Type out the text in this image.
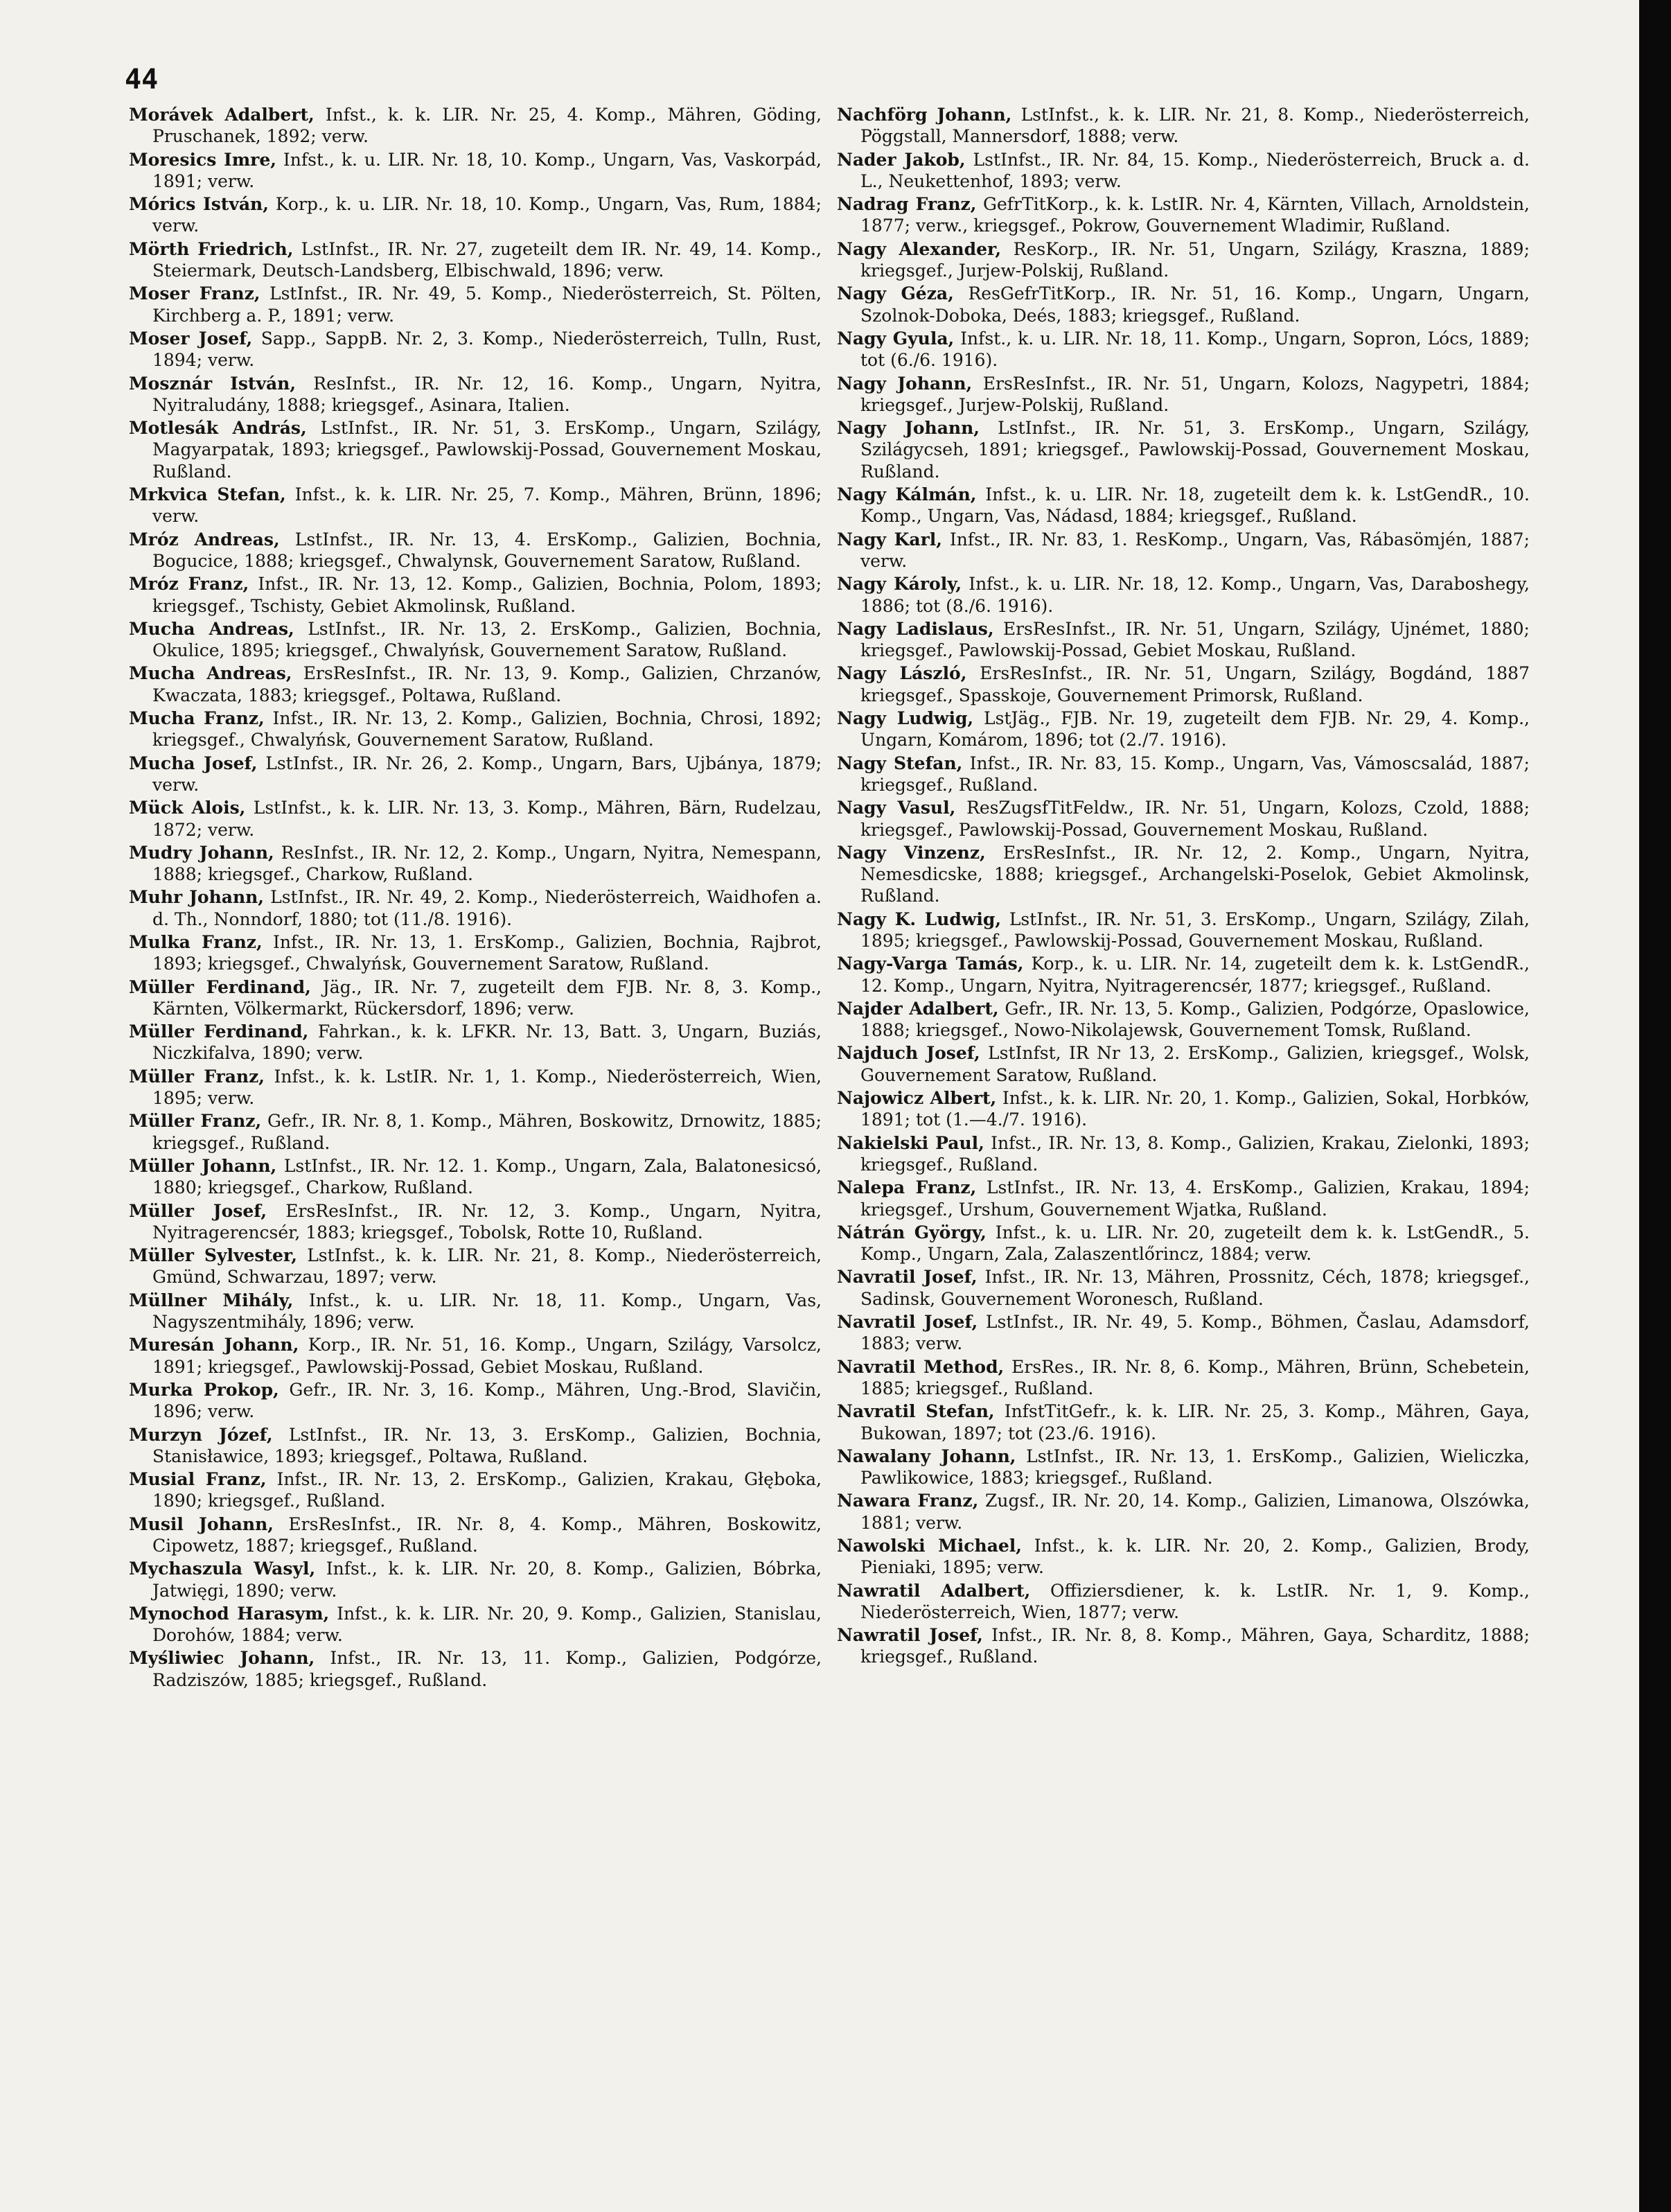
44

Morávek Adalbert, Infst., k. k. LIR. Nr. 25, 4. Komp., Mähren, Göding, Pruschanek, 1892; verw.

Moresics Imre, Infst., k. u. LIR. Nr. 18, 10. Komp., Ungarn, Vas, Vaskorpád, 1891; verw.

Mórics István, Korp., k. u. LIR. Nr. 18, 10. Komp., Ungarn, Vas, Rum, 1884; verw.

Mörth Friedrich, LstInfst., IR. Nr. 27, zugeteilt dem IR. Nr. 49, 14. Komp., Steiermark, Deutsch-Landsberg, Elbischwald, 1896; verw.

Moser Franz, LstInfst., IR. Nr. 49, 5. Komp., Niederösterreich, St. Pölten, Kirchberg a. P., 1891; verw.

Moser Josef, Sapp., SappB. Nr. 2, 3. Komp., Niederösterreich, Tulln, Rust, 1894; verw.

Mosznár István, ResInfst., IR. Nr. 12, 16. Komp., Ungarn, Nyitra, Nyitraludány, 1888; kriegsgef., Asinara, Italien.

Motlesák András, LstInfst., IR. Nr. 51, 3. ErsKomp., Ungarn, Szilágy, Magyarpatak, 1893; kriegsgef., Pawlowskij-Possad, Gouvernement Moskau, Rußland.

Mrkvica Stefan, Infst., k. k. LIR. Nr. 25, 7. Komp., Mähren, Brünn, 1896; verw.

Mróz Andreas, LstInfst., IR. Nr. 13, 4. ErsKomp., Galizien, Bochnia, Bogucice, 1888; kriegsgef., Chwalynsk, Gouvernement Saratow, Rußland.

Mróz Franz, Infst., IR. Nr. 13, 12. Komp., Galizien, Bochnia, Polom, 1893; kriegsgef., Tschisty, Gebiet Akmolinsk, Rußland.

Mucha Andreas, LstInfst., IR. Nr. 13, 2. ErsKomp., Galizien, Bochnia, Okulice, 1895; kriegsgef., Chwalyńsk, Gouvernement Saratow, Rußland.

Mucha Andreas, ErsResInfst., IR. Nr. 13, 9. Komp., Galizien, Chrzanów, Kwaczata, 1883; kriegsgef., Poltawa, Rußland.

Mucha Franz, Infst., IR. Nr. 13, 2. Komp., Galizien, Bochnia, Chrosi, 1892; kriegsgef., Chwalyńsk, Gouvernement Saratow, Rußland.

Mucha Josef, LstInfst., IR. Nr. 26, 2. Komp., Ungarn, Bars, Ujbánya, 1879; verw.

Mück Alois, LstInfst., k. k. LIR. Nr. 13, 3. Komp., Mähren, Bärn, Rudelzau, 1872; verw.

Mudry Johann, ResInfst., IR. Nr. 12, 2. Komp., Ungarn, Nyitra, Nemespann, 1888; kriegsgef., Charkow, Rußland.

Muhr Johann, LstInfst., IR. Nr. 49, 2. Komp., Niederösterreich, Waidhofen a. d. Th., Nonndorf, 1880; tot (11./8. 1916).

Mulka Franz, Infst., IR. Nr. 13, 1. ErsKomp., Galizien, Bochnia, Rajbrot, 1893; kriegsgef., Chwalyńsk, Gouvernement Saratow, Rußland.

Müller Ferdinand, Jäg., IR. Nr. 7, zugeteilt dem FJB. Nr. 8, 3. Komp., Kärnten, Völkermarkt, Rückersdorf, 1896; verw.

Müller Ferdinand, Fahrkan., k. k. LFKR. Nr. 13, Batt. 3, Ungarn, Buziás, Niczkifalva, 1890; verw.

Müller Franz, Infst., k. k. LstIR. Nr. 1, 1. Komp., Niederösterreich, Wien, 1895; verw.

Müller Franz, Gefr., IR. Nr. 8, 1. Komp., Mähren, Boskowitz, Drnowitz, 1885; kriegsgef., Rußland.

Müller Johann, LstInfst., IR. Nr. 12. 1. Komp., Ungarn, Zala, Balatonesicsó, 1880; kriegsgef., Charkow, Rußland.

Müller Josef, ErsResInfst., IR. Nr. 12, 3. Komp., Ungarn, Nyitra, Nyitragerencsér, 1883; kriegsgef., Tobolsk, Rotte 10, Rußland.

Müller Sylvester, LstInfst., k. k. LIR. Nr. 21, 8. Komp., Niederösterreich, Gmünd, Schwarzau, 1897; verw.

Müllner Mihály, Infst., k. u. LIR. Nr. 18, 11. Komp., Ungarn, Vas, Nagyszentmihály, 1896; verw.

Muresán Johann, Korp., IR. Nr. 51, 16. Komp., Ungarn, Szilágy, Varsolcz, 1891; kriegsgef., Pawlowskij-Possad, Gebiet Moskau, Rußland.

Murka Prokop, Gefr., IR. Nr. 3, 16. Komp., Mähren, Ung.-Brod, Slavičin, 1896; verw.

Murzyn Józef, LstInfst., IR. Nr. 13, 3. ErsKomp., Galizien, Bochnia, Stanisławice, 1893; kriegsgef., Poltawa, Rußland.

Musial Franz, Infst., IR. Nr. 13, 2. ErsKomp., Galizien, Krakau, Głęboka, 1890; kriegsgef., Rußland.

Musil Johann, ErsResInfst., IR. Nr. 8, 4. Komp., Mähren, Boskowitz, Cipowetz, 1887; kriegsgef., Rußland.

Mychaszula Wasyl, Infst., k. k. LIR. Nr. 20, 8. Komp., Galizien, Bóbrka, Jatwięgi, 1890; verw.

Mynochod Harasym, Infst., k. k. LIR. Nr. 20, 9. Komp., Galizien, Stanislau, Dorohów, 1884; verw.

Myśliwiec Johann, Infst., IR. Nr. 13, 11. Komp., Galizien, Podgórze, Radziszów, 1885; kriegsgef., Rußland.

Nachförg Johann, LstInfst., k. k. LIR. Nr. 21, 8. Komp., Niederösterreich, Pöggstall, Mannersdorf, 1888; verw.

Nader Jakob, LstInfst., IR. Nr. 84, 15. Komp., Niederösterreich, Bruck a. d. L., Neukettenhof, 1893; verw.

Nadrag Franz, GefrTitKorp., k. k. LstIR. Nr. 4, Kärnten, Villach, Arnoldstein, 1877; verw., kriegsgef., Pokrow, Gouvernement Wladimir, Rußland.

Nagy Alexander, ResKorp., IR. Nr. 51, Ungarn, Szilágy, Kraszna, 1889; kriegsgef., Jurjew-Polskij, Rußland.

Nagy Géza, ResGefrTitKorp., IR. Nr. 51, 16. Komp., Ungarn, Ungarn, Szolnok-Doboka, Deés, 1883; kriegsgef., Rußland.

Nagy Gyula, Infst., k. u. LIR. Nr. 18, 11. Komp., Ungarn, Sopron, Lócs, 1889; tot (6./6. 1916).

Nagy Johann, ErsResInfst., IR. Nr. 51, Ungarn, Kolozs, Nagypetri, 1884; kriegsgef., Jurjew-Polskij, Rußland.

Nagy Johann, LstInfst., IR. Nr. 51, 3. ErsKomp., Ungarn, Szilágy, Szilágycseh, 1891; kriegsgef., Pawlowskij-Possad, Gouvernement Moskau, Rußland.

Nagy Kálmán, Infst., k. u. LIR. Nr. 18, zugeteilt dem k. k. LstGendR., 10. Komp., Ungarn, Vas, Nádasd, 1884; kriegsgef., Rußland.

Nagy Karl, Infst., IR. Nr. 83, 1. ResKomp., Ungarn, Vas, Rábasömjén, 1887; verw.

Nagy Károly, Infst., k. u. LIR. Nr. 18, 12. Komp., Ungarn, Vas, Daraboshegy, 1886; tot (8./6. 1916).

Nagy Ladislaus, ErsResInfst., IR. Nr. 51, Ungarn, Szilágy, Ujnémet, 1880; kriegsgef., Pawlowskij-Possad, Gebiet Moskau, Rußland.

Nagy László, ErsResInfst., IR. Nr. 51, Ungarn, Szilágy, Bogdánd, 1887 kriegsgef., Spasskoje, Gouvernement Primorsk, Rußland.

Nagy Ludwig, LstJäg., FJB. Nr. 19, zugeteilt dem FJB. Nr. 29, 4. Komp., Ungarn, Komárom, 1896; tot (2./7. 1916).

Nagy Stefan, Infst., IR. Nr. 83, 15. Komp., Ungarn, Vas, Vámoscsalád, 1887; kriegsgef., Rußland.

Nagy Vasul, ResZugsfTitFeldw., IR. Nr. 51, Ungarn, Kolozs, Czold, 1888; kriegsgef., Pawlowskij-Possad, Gouvernement Moskau, Rußland.

Nagy Vinzenz, ErsResInfst., IR. Nr. 12, 2. Komp., Ungarn, Nyitra, Nemesdicske, 1888; kriegsgef., Archangelski-Poselok, Gebiet Akmolinsk, Rußland.

Nagy K. Ludwig, LstInfst., IR. Nr. 51, 3. ErsKomp., Ungarn, Szilágy, Zilah, 1895; kriegsgef., Pawlowskij-Possad, Gouvernement Moskau, Rußland.

Nagy-Varga Tamás, Korp., k. u. LIR. Nr. 14, zugeteilt dem k. k. LstGendR., 12. Komp., Ungarn, Nyitra, Nyitragerencsér, 1877; kriegsgef., Rußland.

Najder Adalbert, Gefr., IR. Nr. 13, 5. Komp., Galizien, Podgórze, Opaslowice, 1888; kriegsgef., Nowo-Nikolajewsk, Gouvernement Tomsk, Rußland.

Najduch Josef, LstInfst, IR Nr 13, 2. ErsKomp., Galizien, kriegsgef., Wolsk, Gouvernement Saratow, Rußland.

Najowicz Albert, Infst., k. k. LIR. Nr. 20, 1. Komp., Galizien, Sokal, Horbków, 1891; tot (1.—4./7. 1916).

Nakielski Paul, Infst., IR. Nr. 13, 8. Komp., Galizien, Krakau, Zielonki, 1893; kriegsgef., Rußland.

Nalepa Franz, LstInfst., IR. Nr. 13, 4. ErsKomp., Galizien, Krakau, 1894; kriegsgef., Urshum, Gouvernement Wjatka, Rußland.

Nátrán György, Infst., k. u. LIR. Nr. 20, zugeteilt dem k. k. LstGendR., 5. Komp., Ungarn, Zala, Zalaszentlőrincz, 1884; verw.

Navratil Josef, Infst., IR. Nr. 13, Mähren, Prossnitz, Céch, 1878; kriegsgef., Sadinsk, Gouvernement Woronesch, Rußland.

Navratil Josef, LstInfst., IR. Nr. 49, 5. Komp., Böhmen, Časlau, Adamsdorf, 1883; verw.

Navratil Method, ErsRes., IR. Nr. 8, 6. Komp., Mähren, Brünn, Schebetein, 1885; kriegsgef., Rußland.

Navratil Stefan, InfstTitGefr., k. k. LIR. Nr. 25, 3. Komp., Mähren, Gaya, Bukowan, 1897; tot (23./6. 1916).

Nawalany Johann, LstInfst., IR. Nr. 13, 1. ErsKomp., Galizien, Wieliczka, Pawlikowice, 1883; kriegsgef., Rußland.

Nawara Franz, Zugsf., IR. Nr. 20, 14. Komp., Galizien, Limanowa, Olszówka, 1881; verw.

Nawolski Michael, Infst., k. k. LIR. Nr. 20, 2. Komp., Galizien, Brody, Pieniaki, 1895; verw.

Nawratil Adalbert, Offiziersdiener, k. k. LstIR. Nr. 1, 9. Komp., Niederösterreich, Wien, 1877; verw.

Nawratil Josef, Infst., IR. Nr. 8, 8. Komp., Mähren, Gaya, Scharditz, 1888; kriegsgef., Rußland.
